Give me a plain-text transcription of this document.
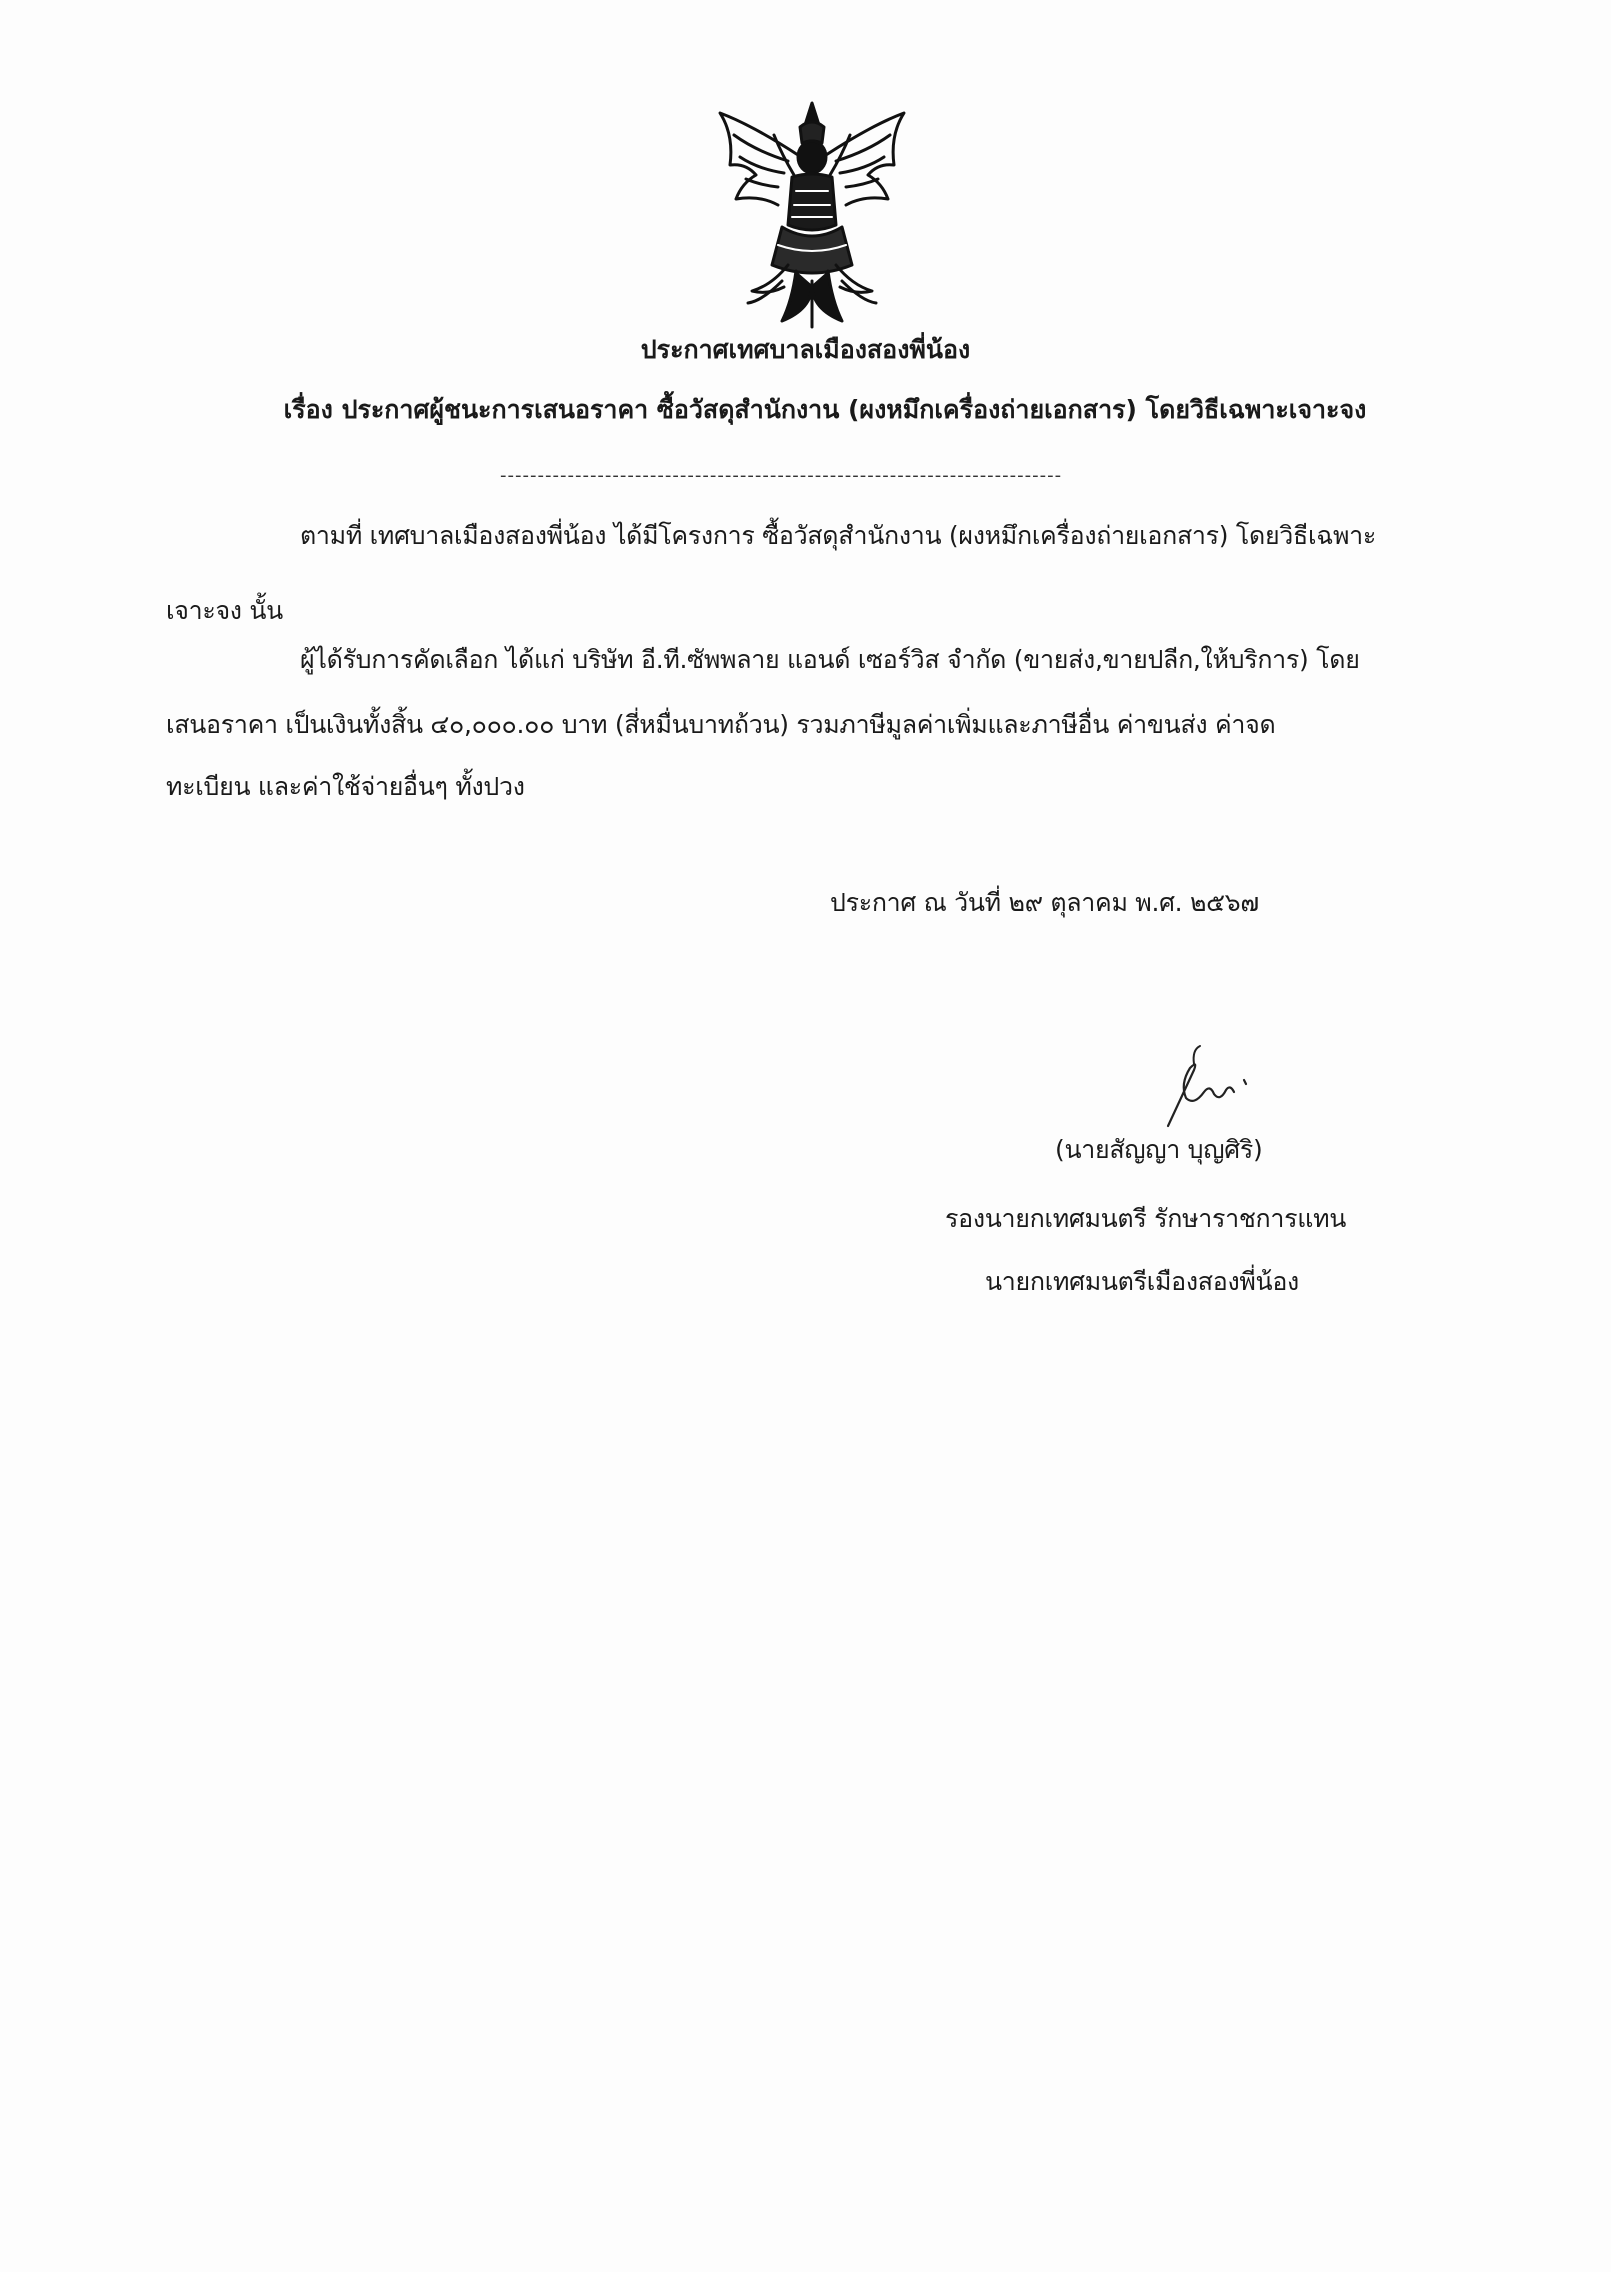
ประกาศเทศบาลเมืองสองพี่น้อง
เรื่อง ประกาศผู้ชนะการเสนอราคา ซื้อวัสดุสำนักงาน (ผงหมึกเครื่องถ่ายเอกสาร) โดยวิธีเฉพาะเจาะจง
---------------------------------------------------------------------------
ตามที่ เทศบาลเมืองสองพี่น้อง ได้มีโครงการ ซื้อวัสดุสำนักงาน (ผงหมึกเครื่องถ่ายเอกสาร) โดยวิธีเฉพาะ
เจาะจง นั้น
ผู้ได้รับการคัดเลือก ได้แก่ บริษัท อี.ที.ซัพพลาย แอนด์ เซอร์วิส จำกัด (ขายส่ง,ขายปลีก,ให้บริการ) โดย
เสนอราคา เป็นเงินทั้งสิ้น ๔๐,๐๐๐.๐๐ บาท (สี่หมื่นบาทถ้วน) รวมภาษีมูลค่าเพิ่มและภาษีอื่น ค่าขนส่ง ค่าจด
ทะเบียน และค่าใช้จ่ายอื่นๆ ทั้งปวง
ประกาศ ณ วันที่ ๒๙ ตุลาคม พ.ศ. ๒๕๖๗
(นายสัญญา บุญศิริ)
รองนายกเทศมนตรี รักษาราชการแทน
นายกเทศมนตรีเมืองสองพี่น้อง
